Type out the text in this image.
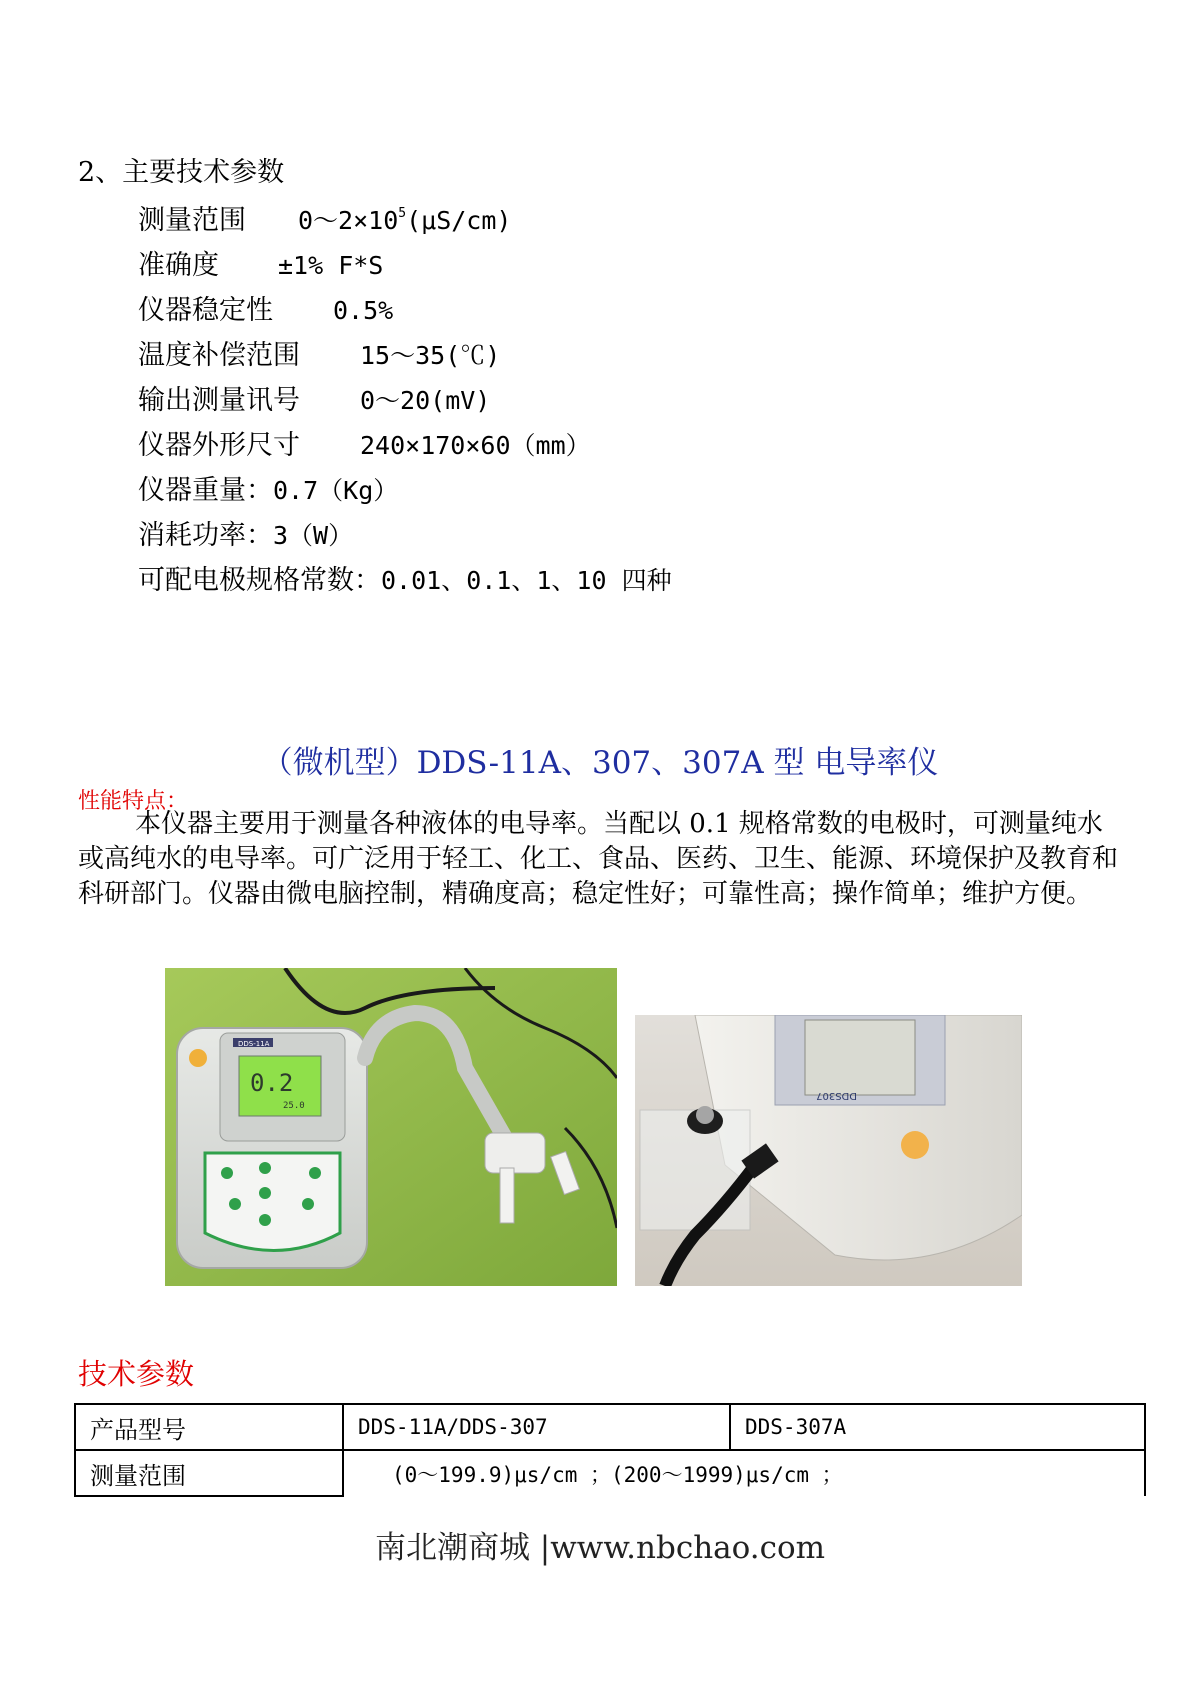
2、主要技术参数
测量范围 $0\sim 2\times 10^5(\mu S/cm)$
准确度 ±1% F*S
仪器稳定性 0.5%
温度补偿范围 15～35(℃)
输出测量讯号 0～20(mV)
仪器外形尺寸 240×170×60（mm）
仪器重量：0.7（Kg）
消耗功率：3（W）
可配电极规格常数：0.01、0.1、1、10 四种
（微机型）DDS-11A、307、307A 型 电导率仪
性能特点：
本仪器主要用于测量各种液体的电导率。当配以 0.1 规格常数的电极时，可测量纯水或高纯水的电导率。可广泛用于轻工、化工、食品、医药、卫生、能源、环境保护及教育和科研部门。仪器由微电脑控制，精确度高；稳定性好；可靠性高；操作简单；维护方便。
DDS-11A
0.2
25.0
DDS307
技术参数
产品型号	DDS-11A/DDS-307	DDS-307A
测量范围	(0～199.9)μs/cm ；(200～1999)μs/cm ；	
南北潮商城 |www.nbchao.com
